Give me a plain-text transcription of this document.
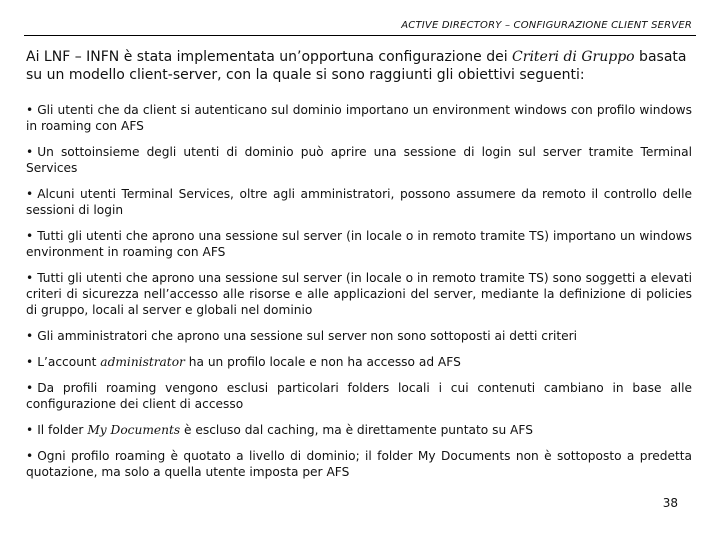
ACTIVE DIRECTORY – CONFIGURAZIONE CLIENT SERVER

Ai LNF – INFN è stata implementata un’opportuna configurazione dei Criteri di Gruppo basata su un modello client-server, con la quale si sono raggiunti gli obiettivi seguenti:

• Gli utenti che da client si autenticano sul dominio importano un environment windows con profilo windows in roaming con AFS
• Un sottoinsieme degli utenti di dominio può aprire una sessione di login sul server tramite Terminal Services
• Alcuni utenti Terminal Services, oltre agli amministratori, possono assumere da remoto il controllo delle sessioni di login
• Tutti gli utenti che aprono una sessione sul server (in locale o in remoto tramite TS) importano un windows environment in roaming con AFS
• Tutti gli utenti che aprono una sessione sul server (in locale o in remoto tramite TS) sono soggetti a elevati criteri di sicurezza nell’accesso alle risorse e alle applicazioni del server, mediante la definizione di policies di gruppo, locali al server e globali nel dominio
• Gli amministratori che aprono una sessione sul server non sono sottoposti ai detti criteri
• L’account administrator ha un profilo locale e non ha accesso ad AFS
• Da profili roaming vengono esclusi particolari folders locali i cui contenuti cambiano in base alle configurazione dei client di accesso
• Il folder My Documents è escluso dal caching, ma è direttamente puntato su AFS
• Ogni profilo roaming è quotato a livello di dominio; il folder My Documents non è sottoposto a predetta quotazione, ma solo a quella utente imposta per AFS
38
